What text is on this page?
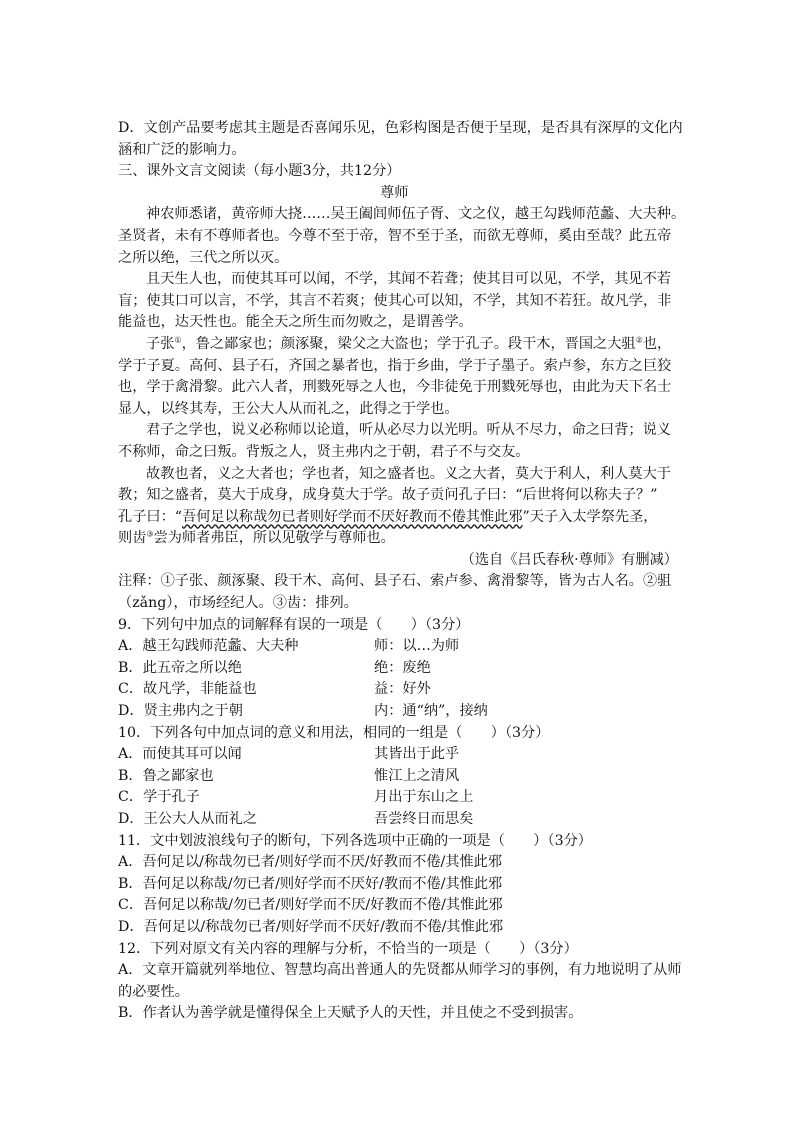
D．文创产品要考虑其主题是否喜闻乐见，色彩构图是否便于呈现，是否具有深厚的文化内
涵和广泛的影响力。
三、课外文言文阅读（每小题3分，共12分）
尊师
神农师悉诸，黄帝师大挠……吴王阖闾师伍子胥、文之仪，越王勾践师范蠡、大夫种。
圣贤者，未有不尊师者也。今尊不至于帝，智不至于圣，而欲无尊师，奚由至哉？此五帝
之所以绝，三代之所以灭。
且天生人也，而使其耳可以闻，不学，其闻不若聋；使其目可以见，不学，其见不若
盲；使其口可以言，不学，其言不若爽；使其心可以知，不学，其知不若狂。故凡学，非
能益也，达天性也。能全天之所生而勿败之，是谓善学。
子张①，鲁之鄙家也；颜涿聚，梁父之大盗也；学于孔子。段干木，晋国之大驵②也，
学于子夏。高何、县子石，齐国之暴者也，指于乡曲，学于子墨子。索卢参，东方之巨狡
也，学于禽滑黎。此六人者，刑戮死辱之人也，今非徒免于刑戮死辱也，由此为天下名士
显人，以终其寿，王公大人从而礼之，此得之于学也。
君子之学也，说义必称师以论道，听从必尽力以光明。听从不尽力，命之曰背；说义
不称师，命之曰叛。背叛之人，贤主弗内之于朝，君子不与交友。
故教也者，义之大者也；学也者，知之盛者也。义之大者，莫大于利人，利人莫大于
教；知之盛者，莫大于成身，成身莫大于学。故子贡问孔子曰：“后世将何以称夫子？”
孔子曰：“吾何足以称哉勿已者则好学而不厌好教而不倦其惟此邪”天子入太学祭先圣，
则齿③尝为师者弗臣，所以见敬学与尊师也。
（选自《吕氏春秋·尊师》有删减）
注释：①子张、颜涿聚、段干木、高何、县子石、索卢参、禽滑黎等，皆为古人名。②驵
（zǎng），市场经纪人。③齿：排列。
9．下列句中加点的词解释有误的一项是（　　）（3分）
A．越王勾践师范蠡、大夫种	师：以…为师
B．此五帝之所以绝	绝：废绝
C．故凡学，非能益也	益：好外
D．贤主弗内之于朝	内：通“纳”，接纳
10．下列各句中加点词的意义和用法，相同的一组是（　　）（3分）
A．而使其耳可以闻	其皆出于此乎
B．鲁之鄙家也	惟江上之清风
C．学于孔子	月出于东山之上
D．王公大人从而礼之	吾尝终日而思矣
11．文中划波浪线句子的断句，下列各选项中正确的一项是（　　）（3分）
A．吾何足以/称哉勿已者/则好学而不厌/好教而不倦/其惟此邪
B．吾何足以称哉/勿已者/则好学而不厌好/教而不倦/其惟此邪
C．吾何足以称哉/勿已者/则好学而不厌/好教而不倦/其惟此邪
D．吾何足以/称哉勿已者/则好学而不厌好/教而不倦/其惟此邪
12．下列对原文有关内容的理解与分析，不恰当的一项是（　　）（3分）
A．文章开篇就列举地位、智慧均高出普通人的先贤都从师学习的事例，有力地说明了从师
的必要性。
B．作者认为善学就是懂得保全上天赋予人的天性，并且使之不受到损害。
